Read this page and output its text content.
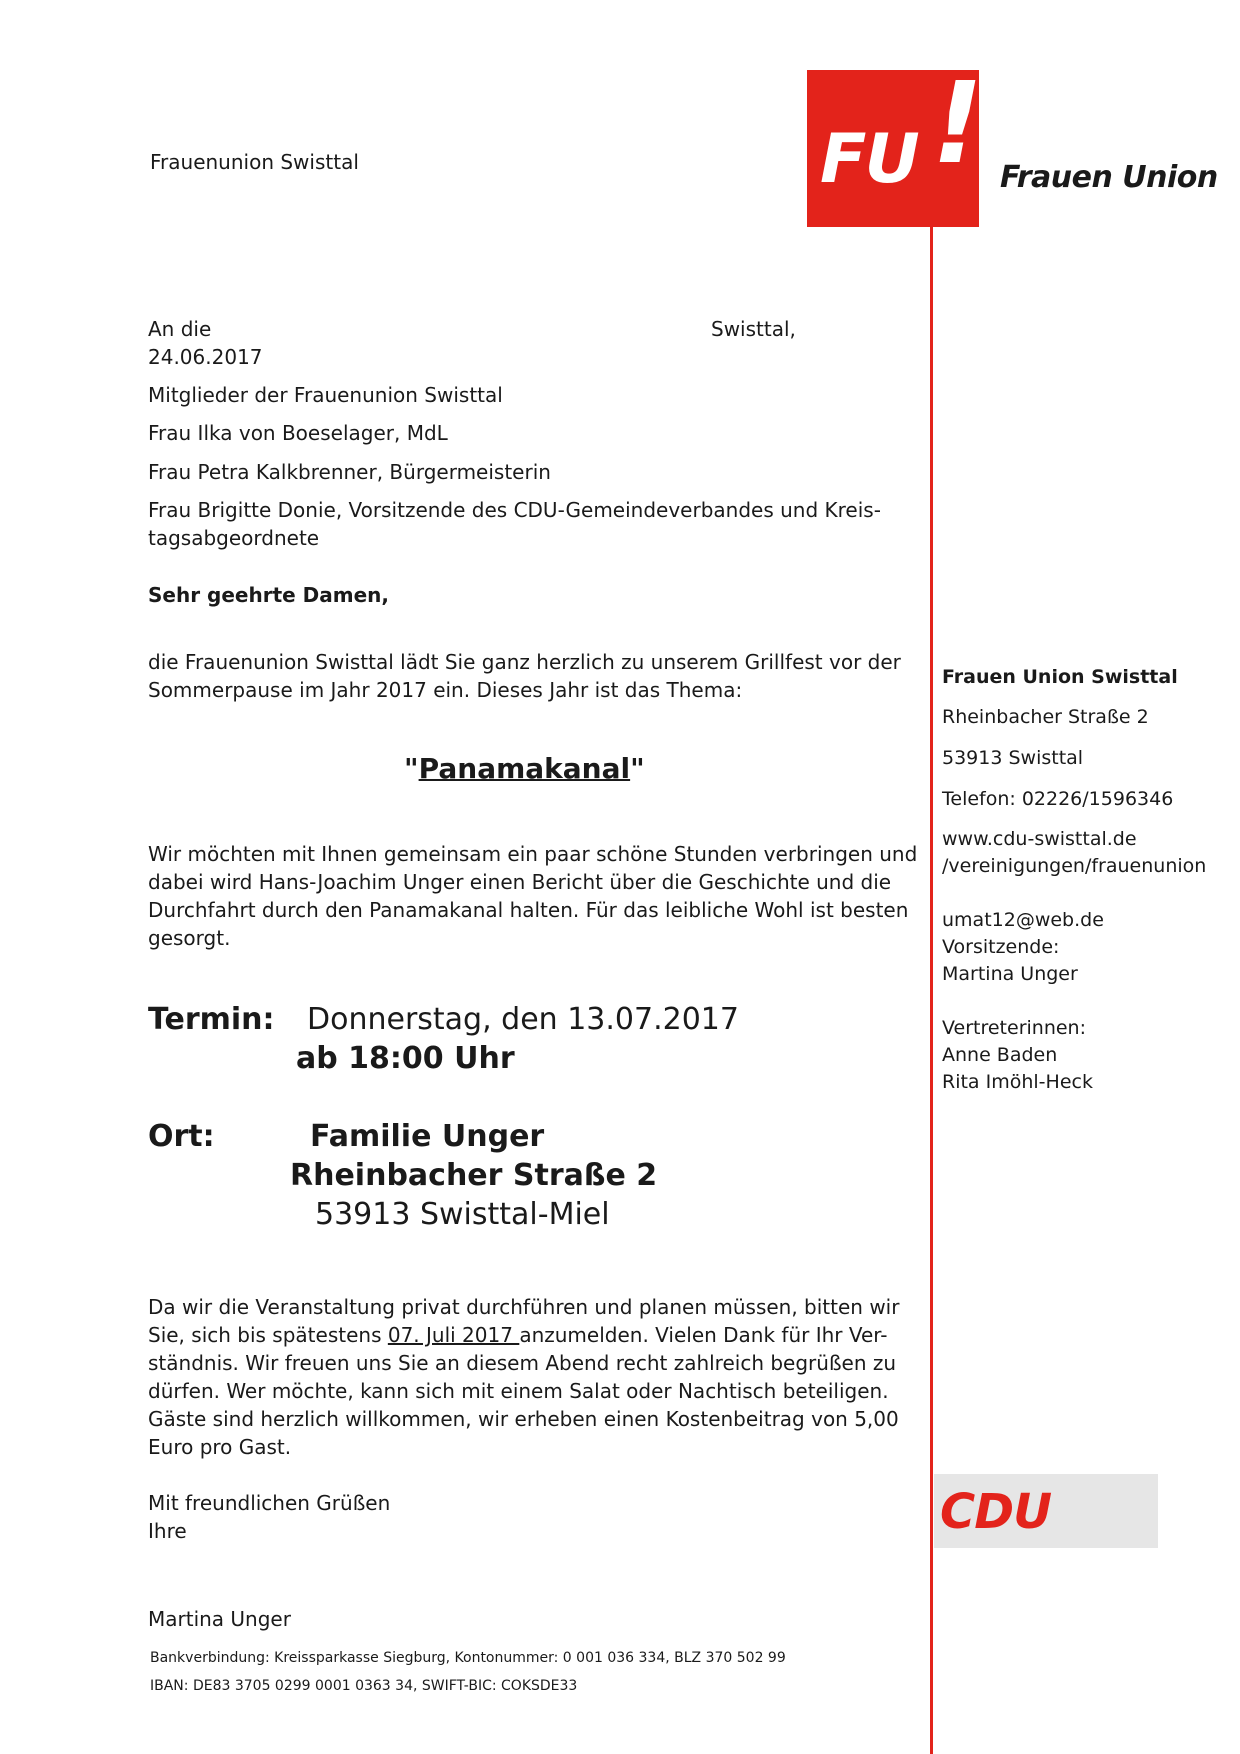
Frauenunion Swisttal	FU ! Frauen Union
An die	Swisttal,
24.06.2017
Mitglieder der Frauenunion Swisttal
Frau Ilka von Boeselager, MdL
Frau Petra Kalkbrenner, Bürgermeisterin
Frau Brigitte Donie, Vorsitzende des CDU-Gemeindeverbandes und Kreis-
tagsabgeordnete
Sehr geehrte Damen,
die Frauenunion Swisttal lädt Sie ganz herzlich zu unserem Grillfest vor der
Sommerpause im Jahr 2017 ein. Dieses Jahr ist das Thema:
"Panamakanal"
Wir möchten mit Ihnen gemeinsam ein paar schöne Stunden verbringen und
dabei wird Hans-Joachim Unger einen Bericht über die Geschichte und die
Durchfahrt durch den Panamakanal halten. Für das leibliche Wohl ist besten
gesorgt.
Termin: Donnerstag, den 13.07.2017
ab 18:00 Uhr
Ort:	Familie Unger
Rheinbacher Straße 2
53913 Swisttal-Miel
Da wir die Veranstaltung privat durchführen und planen müssen, bitten wir
Sie, sich bis spätestens 07. Juli 2017 anzumelden. Vielen Dank für Ihr Ver-
ständnis. Wir freuen uns Sie an diesem Abend recht zahlreich begrüßen zu
dürfen. Wer möchte, kann sich mit einem Salat oder Nachtisch beteiligen.
Gäste sind herzlich willkommen, wir erheben einen Kostenbeitrag von 5,00
Euro pro Gast.
Mit freundlichen Grüßen
Ihre
Martina Unger
Frauen Union Swisttal
Rheinbacher Straße 2
53913 Swisttal
Telefon: 02226/1596346
www.cdu-swisttal.de
/vereinigungen/frauenunion
umat12@web.de
Vorsitzende:
Martina Unger
Vertreterinnen:
Anne Baden
Rita Imöhl-Heck
CDU
Bankverbindung: Kreissparkasse Siegburg, Kontonummer: 0 001 036 334, BLZ 370 502 99
IBAN: DE83 3705 0299 0001 0363 34, SWIFT-BIC: COKSDE33
